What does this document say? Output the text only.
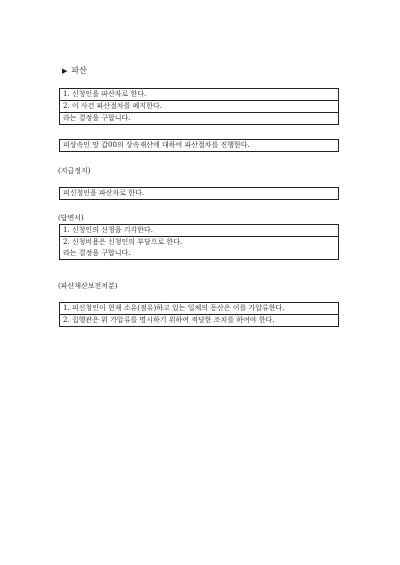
▶ 파산
1. 신청인을 파산자로 한다.
2. 이 사건 파산절차를 폐지한다.
라는 결정을 구합니다.
피상속인 망 갑00의 상속재산에 대하여 파산절차를 진행한다.
(지급정지)
피신청인을 파산자로 한다.
(답변서)
1. 신청인의 신청을 기각한다.
2. 신청비용은 신청인의 부담으로 한다.
라는 결정을 구합니다.
(파산재산보전처분)
1. 피신청인이 현재 소유(점유)하고 있는 일체의 동산은 이를 가압류한다.
2. 집행관은 위 가압류를 명시하기 위하여 적당한 조치를 하여야 한다.
